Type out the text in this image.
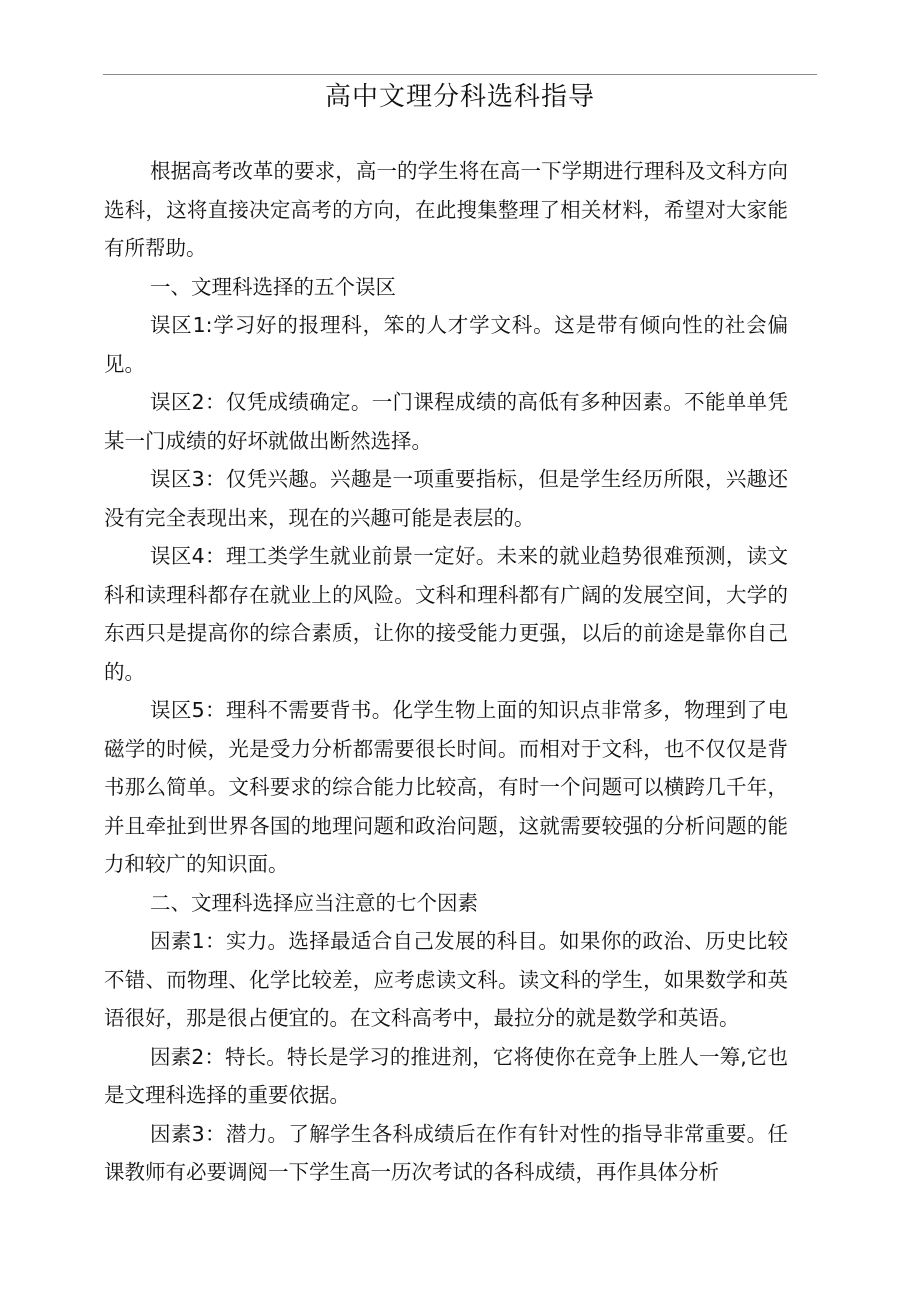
高中文理分科选科指导

根据高考改革的要求，高一的学生将在高一下学期进行理科及文科方向选科，这将直接决定高考的方向，在此搜集整理了相关材料，希望对大家能有所帮助。

一、文理科选择的五个误区

误区1:学习好的报理科，笨的人才学文科。这是带有倾向性的社会偏见。

误区2：仅凭成绩确定。一门课程成绩的高低有多种因素。不能单单凭某一门成绩的好坏就做出断然选择。

误区3：仅凭兴趣。兴趣是一项重要指标，但是学生经历所限，兴趣还没有完全表现出来，现在的兴趣可能是表层的。

误区4：理工类学生就业前景一定好。未来的就业趋势很难预测，读文科和读理科都存在就业上的风险。文科和理科都有广阔的发展空间，大学的东西只是提高你的综合素质，让你的接受能力更强，以后的前途是靠你自己的。

误区5：理科不需要背书。化学生物上面的知识点非常多，物理到了电磁学的时候，光是受力分析都需要很长时间。而相对于文科，也不仅仅是背书那么简单。文科要求的综合能力比较高，有时一个问题可以横跨几千年，并且牵扯到世界各国的地理问题和政治问题，这就需要较强的分析问题的能力和较广的知识面。

二、文理科选择应当注意的七个因素

因素1：实力。选择最适合自己发展的科目。如果你的政治、历史比较不错、而物理、化学比较差，应考虑读文科。读文科的学生，如果数学和英语很好，那是很占便宜的。在文科高考中，最拉分的就是数学和英语。

因素2：特长。特长是学习的推进剂，它将使你在竞争上胜人一筹,它也是文理科选择的重要依据。

因素3：潜力。了解学生各科成绩后在作有针对性的指导非常重要。任课教师有必要调阅一下学生高一历次考试的各科成绩，再作具体分析
